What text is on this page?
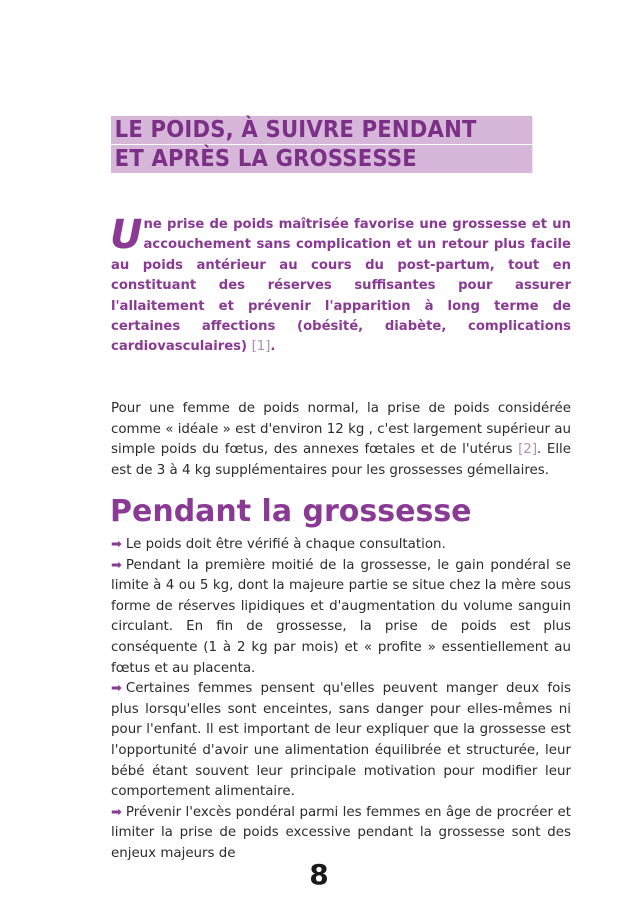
LE POIDS, À SUIVRE PENDANT
ET APRÈS LA GROSSESSE
Une prise de poids maîtrisée favorise une grossesse et un accouchement sans complication et un retour plus facile au poids antérieur au cours du post-partum, tout en constituant des réserves suffisantes pour assurer l'allaitement et prévenir l'apparition à long terme de certaines affections (obésité, diabète, complications cardiovasculaires) [1].
Pour une femme de poids normal, la prise de poids considérée comme « idéale » est d'environ 12 kg , c'est largement supérieur au simple poids du fœtus, des annexes fœtales et de l'utérus [2]. Elle est de 3 à 4 kg supplémentaires pour les grossesses gémellaires.
Pendant la grossesse

➡ Le poids doit être vérifié à chaque consultation.

➡ Pendant la première moitié de la grossesse, le gain pondéral se limite à 4 ou 5 kg, dont la majeure partie se situe chez la mère sous forme de réserves lipidiques et d'augmentation du volume sanguin circulant. En fin de grossesse, la prise de poids est plus conséquente (1 à 2 kg par mois) et « profite » essentiellement au fœtus et au placenta.

➡ Certaines femmes pensent qu'elles peuvent manger deux fois plus lorsqu'elles sont enceintes, sans danger pour elles-mêmes ni pour l'enfant. Il est important de leur expliquer que la grossesse est l'opportunité d'avoir une alimentation équilibrée et structurée, leur bébé étant souvent leur principale motivation pour modifier leur comportement alimentaire.

➡ Prévenir l'excès pondéral parmi les femmes en âge de procréer et limiter la prise de poids excessive pendant la grossesse sont des enjeux majeurs de

8
